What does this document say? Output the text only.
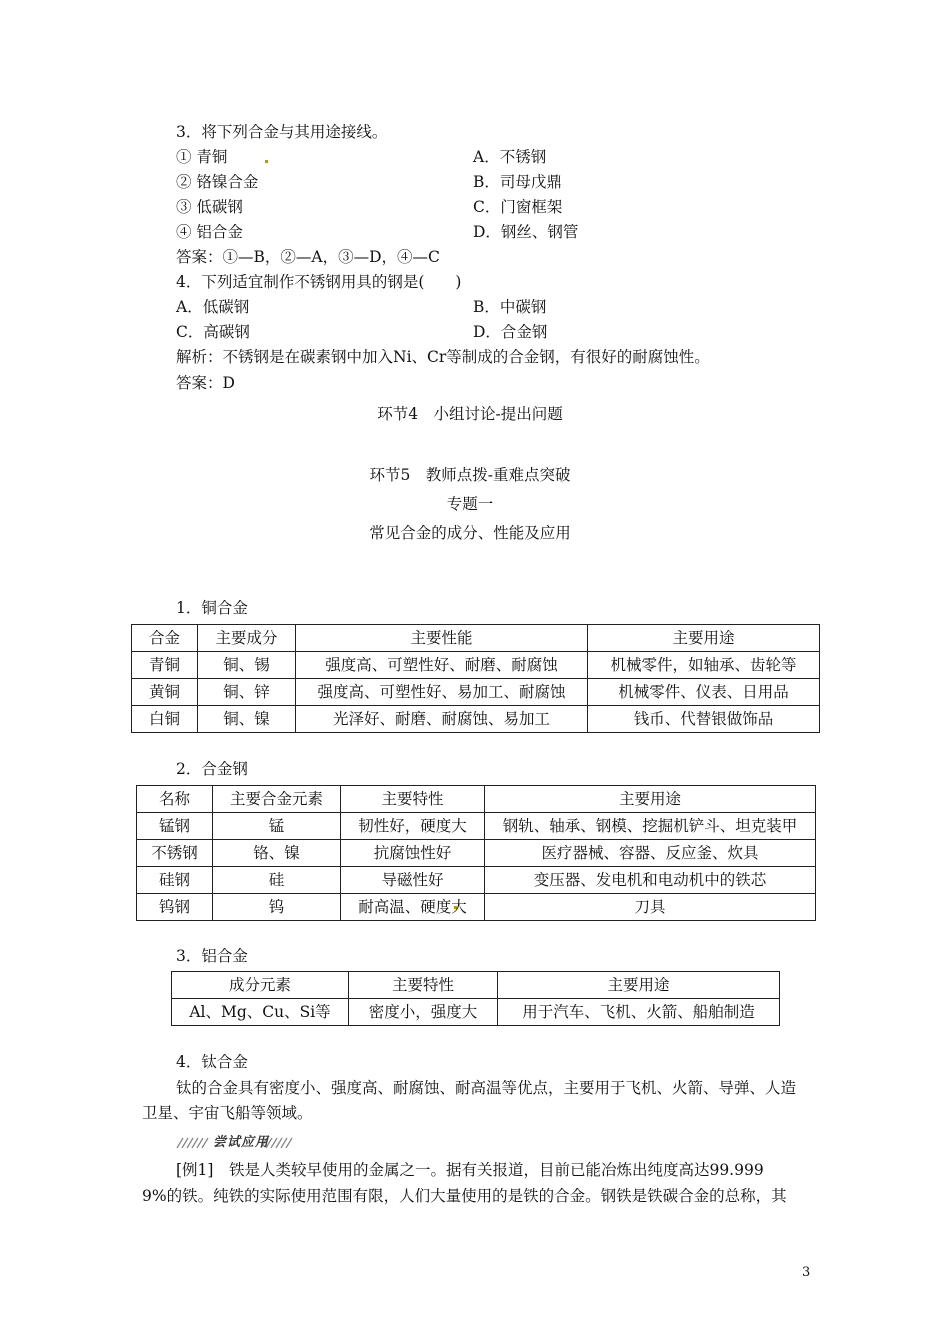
3．将下列合金与其用途接线。
① 青铜
② 铬镍合金
③ 低碳钢
④ 铝合金
A．不锈钢
B．司母戊鼎
C．门窗框架
D．钢丝、钢管
答案：①—B，②—A，③—D，④—C
4．下列适宜制作不锈钢用具的钢是(　　)
A．低碳钢	B．中碳钢
C．高碳钢	D．合金钢
解析：不锈钢是在碳素钢中加入Ni、Cr等制成的合金钢，有很好的耐腐蚀性。
答案：D
环节4　小组讨论-提出问题
环节5　教师点拨-重难点突破
专题一
常见合金的成分、性能及应用
1．铜合金
合金	主要成分	主要性能	主要用途
青铜	铜、锡	强度高、可塑性好、耐磨、耐腐蚀	机械零件，如轴承、齿轮等
黄铜	铜、锌	强度高、可塑性好、易加工、耐腐蚀	机械零件、仪表、日用品
白铜	铜、镍	光泽好、耐磨、耐腐蚀、易加工	钱币、代替银做饰品
2．合金钢
名称	主要合金元素	主要特性	主要用途
锰钢	锰	韧性好，硬度大	钢轨、轴承、钢模、挖掘机铲斗、坦克装甲
不锈钢	铬、镍	抗腐蚀性好	医疗器械、容器、反应釜、炊具
硅钢	硅	导磁性好	变压器、发电机和电动机中的铁芯
钨钢	钨	耐高温、硬度大	刀具
3．铝合金
成分元素	主要特性	主要用途
Al、Mg、Cu、Si等	密度小，强度大	用于汽车、飞机、火箭、船舶制造
4．钛合金
钛的合金具有密度小、强度高、耐腐蚀、耐高温等优点，主要用于飞机、火箭、导弹、人造
卫星、宇宙飞船等领域。
尝试应用
[例1]　铁是人类较早使用的金属之一。据有关报道，目前已能冶炼出纯度高达99.999
9%的铁。纯铁的实际使用范围有限，人们大量使用的是铁的合金。钢铁是铁碳合金的总称，其
3
